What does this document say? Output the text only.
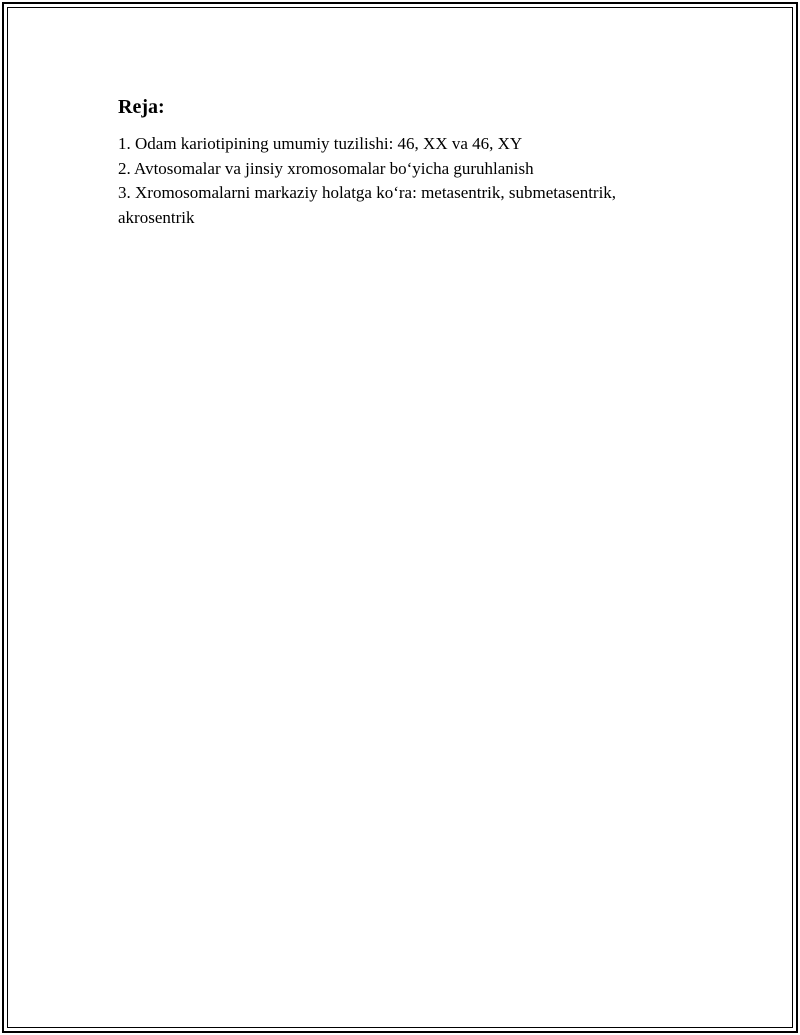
Reja:
1. Odam kariotipining umumiy tuzilishi: 46, XX va 46, XY
2. Avtosomalar va jinsiy xromosomalar bo‘yicha guruhlanish
3. Xromosomalarni markaziy holatga ko‘ra: metasentrik, submetasentrik, akrosentrik
